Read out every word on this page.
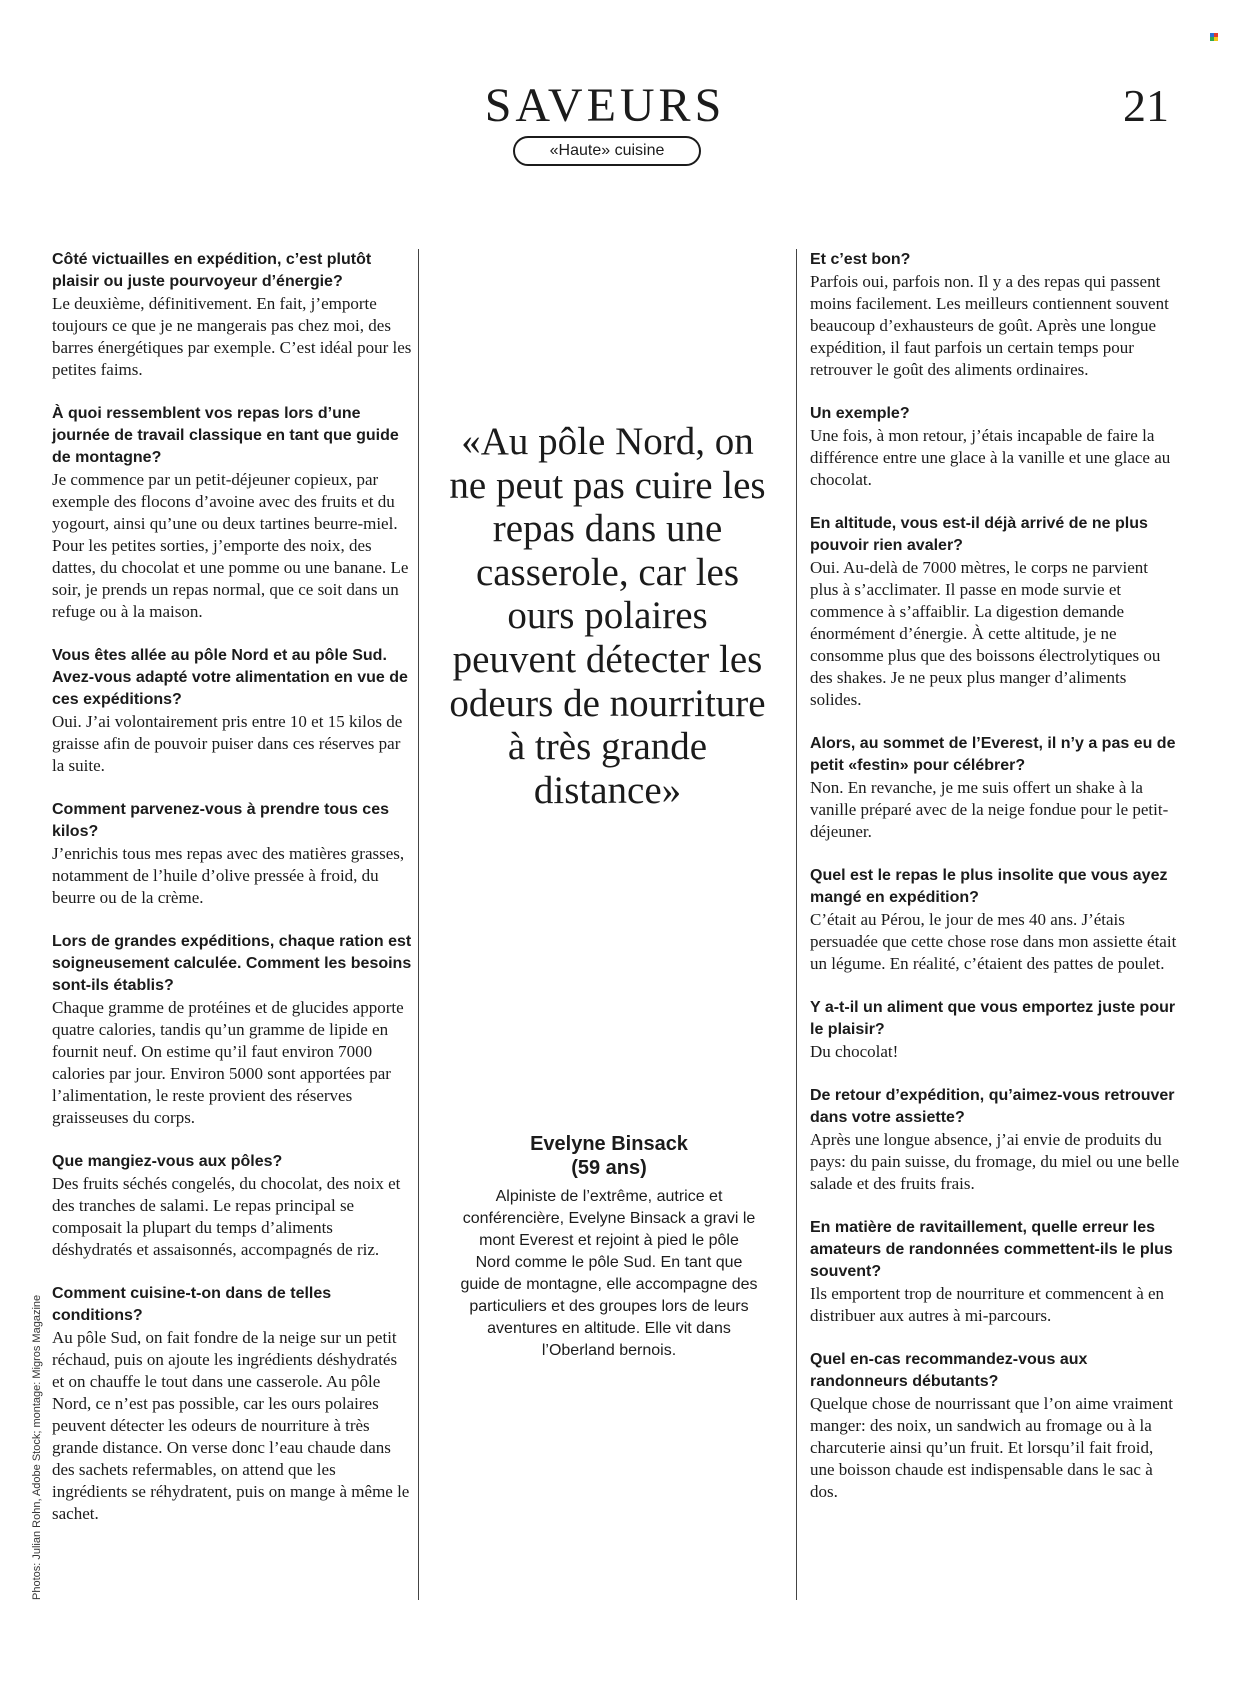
SAVEURS	21
«Haute» cuisine
Côté victuailles en expédition, c’est plutôt plaisir ou juste pourvoyeur d’énergie?
Le deuxième, définitivement. En fait, j’emporte toujours ce que je ne mangerais pas chez moi, des barres énergétiques par exemple. C’est idéal pour les petites faims.
À quoi ressemblent vos repas lors d’une journée de travail classique en tant que guide de montagne?
Je commence par un petit-déjeuner copieux, par exemple des flocons d’avoine avec des fruits et du yogourt, ainsi qu’une ou deux tartines beurre-miel. Pour les petites sorties, j’emporte des noix, des dattes, du chocolat et une pomme ou une banane. Le soir, je prends un repas normal, que ce soit dans un refuge ou à la maison.
Vous êtes allée au pôle Nord et au pôle Sud. Avez-vous adapté votre alimentation en vue de ces expéditions?
Oui. J’ai volontairement pris entre 10 et 15 kilos de graisse afin de pouvoir puiser dans ces réserves par la suite.
Comment parvenez-vous à prendre tous ces kilos?
J’enrichis tous mes repas avec des matières grasses, notamment de l’huile d’olive pressée à froid, du beurre ou de la crème.
Lors de grandes expéditions, chaque ration est soigneusement calculée. Comment les besoins sont-ils établis?
Chaque gramme de protéines et de glucides apporte quatre calories, tandis qu’un gramme de lipide en fournit neuf. On estime qu’il faut environ 7000 calories par jour. Environ 5000 sont apportées par l’alimentation, le reste provient des réserves graisseuses du corps.
Que mangiez-vous aux pôles?
Des fruits séchés congelés, du chocolat, des noix et des tranches de salami. Le repas principal se composait la plupart du temps d’aliments déshydratés et assaisonnés, accompagnés de riz.
Comment cuisine-t-on dans de telles conditions?
Au pôle Sud, on fait fondre de la neige sur un petit réchaud, puis on ajoute les ingrédients déshydratés et on chauffe le tout dans une casserole. Au pôle Nord, ce n’est pas possible, car les ours polaires peuvent détecter les odeurs de nourriture à très grande distance. On verse donc l’eau chaude dans des sachets refermables, on attend que les ingrédients se réhydratent, puis on mange à même le sachet.
«Au pôle Nord, on ne peut pas cuire les repas dans une casserole, car les ours polaires peuvent détecter les odeurs de nourriture à très grande distance»
Evelyne Binsack
(59 ans)
Alpiniste de l’extrême, autrice et conférencière, Evelyne Binsack a gravi le mont Everest et rejoint à pied le pôle Nord comme le pôle Sud. En tant que guide de montagne, elle accompagne des particuliers et des groupes lors de leurs aventures en altitude. Elle vit dans l’Oberland bernois.
Et c’est bon?
Parfois oui, parfois non. Il y a des repas qui passent moins facilement. Les meilleurs contiennent souvent beaucoup d’exhausteurs de goût. Après une longue expédition, il faut parfois un certain temps pour retrouver le goût des aliments ordinaires.
Un exemple?
Une fois, à mon retour, j’étais incapable de faire la différence entre une glace à la vanille et une glace au chocolat.
En altitude, vous est-il déjà arrivé de ne plus pouvoir rien avaler?
Oui. Au-delà de 7000 mètres, le corps ne parvient plus à s’acclimater. Il passe en mode survie et commence à s’affaiblir. La digestion demande énormément d’énergie. À cette altitude, je ne consomme plus que des boissons électrolytiques ou des shakes. Je ne peux plus manger d’aliments solides.
Alors, au sommet de l’Everest, il n’y a pas eu de petit «festin» pour célébrer?
Non. En revanche, je me suis offert un shake à la vanille préparé avec de la neige fondue pour le petit-déjeuner.
Quel est le repas le plus insolite que vous ayez mangé en expédition?
C’était au Pérou, le jour de mes 40 ans. J’étais persuadée que cette chose rose dans mon assiette était un légume. En réalité, c’étaient des pattes de poulet.
Y a-t-il un aliment que vous emportez juste pour le plaisir?
Du chocolat!
De retour d’expédition, qu’aimez-vous retrouver dans votre assiette?
Après une longue absence, j’ai envie de produits du pays: du pain suisse, du fromage, du miel ou une belle salade et des fruits frais.
En matière de ravitaillement, quelle erreur les amateurs de randonnées commettent-ils le plus souvent?
Ils emportent trop de nourriture et commencent à en distribuer aux autres à mi-parcours.
Quel en-cas recommandez-vous aux randonneurs débutants?
Quelque chose de nourrissant que l’on aime vraiment manger: des noix, un sandwich au fromage ou à la charcuterie ainsi qu’un fruit. Et lorsqu’il fait froid, une boisson chaude est indispensable dans le sac à dos.
Photos: Julian Rohn, Adobe Stock; montage: Migros Magazine
